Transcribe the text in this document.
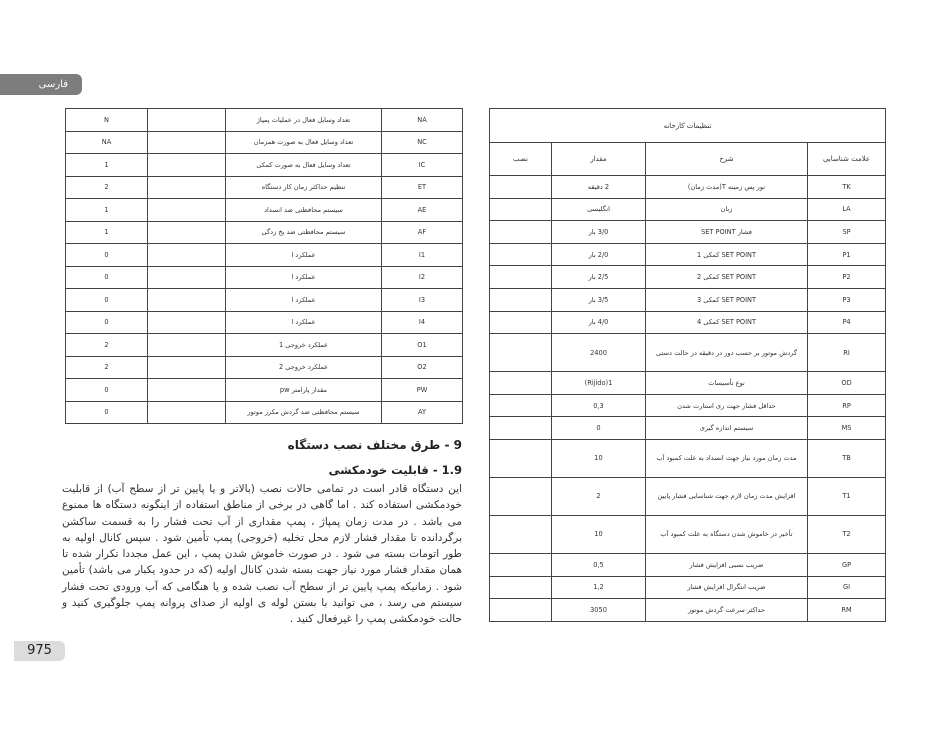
فارسی
N		تعداد وسایل فعال در عملیات پمپاژ	NA
NA		تعداد وسایل فعال به صورت همزمان	NC
1		تعداد وسایل فعال به صورت کمکی	IC
2		تنظیم حداکثر زمان کار دستگاه	ET
1		سیستم محافظتی ضد انسداد	AE
1		سیستم محافظتی ضد یخ زدگی	AF
0		عملکرد ا	I1
0		عملکرد ا	I2
0		عملکرد ا	I3
0		عملکرد ا	I4
2		عملکرد خروجی 1	O1
2		عملکرد خروجی 2	O2
0		مقدار پارامتر pw	PW
0		سیستم محافظتی ضد گردش مکرر موتور	AY
تنظیمات کارخانه			
نصب	مقدار	شرح	علامت شناسایی
	2 دقیقه	نور پس زمینه T(مدت زمان)	TK
	انگلیسی	زبان	LA
	3/0 بار	فشار SET POINT	SP
	2/0 بار	SET POINT کمکی 1	P1
	2/5 بار	SET POINT کمکی 2	P2
	3/5 بار	SET POINT کمکی 3	P3
	4/0 بار	SET POINT کمکی 4	P4
	2400	گردش موتور بر حسب دور در دقیقه در حالت دستی	RI
	1(Rijido)	نوع تأسیسات	OD
	0,3	حداقل فشار جهت ری استارت شدن	RP
	0	سیستم اندازه گیری	MS
	10	مدت زمان مورد نیاز جهت انسداد به علت کمبود آب	TB
	2	افزایش مدت زمان لازم جهت شناسایی فشار پایین	T1
	10	تأخیر در خاموش شدن دستگاه به علت کمبود آب	T2
	0,5	ضریب نسبی افزایش فشار	GP
	1,2	ضریب انتگرال افزایش فشار	GI
	3050	حداکثر سرعت گردش موتور	RM
9 - طرق مختلف نصب دستگاه
1.9 - قابلیت خودمکشی
این دستگاه قادر است در تمامی حالات نصب (بالاتر و یا پایین تر از سطح آب) از قابلیت خودمکشی استفاده کند . اما گاهی در برخی از مناطق استفاده از اینگونه دستگاه ها ممنوع می باشد . در مدت زمان پمپاژ ، پمپ مقداری از آب تحت فشار را به قسمت ساکشن برگردانده تا مقدار فشار لازم محل تخلیه (خروجی) پمپ تأمین شود . سپس کانال اولیه به طور اتومات بسته می شود . در صورت خاموش شدن پمپ ، این عمل مجددا تکرار شده تا همان مقدار فشار مورد نیاز جهت بسته شدن کانال اولیه (که در حدود یکبار می باشد) تأمین شود . زمانیکه پمپ پایین تر از سطح آب نصب شده و یا هنگامی که آب ورودی تحت فشار سیستم می رسد ، می توانید با بستن لوله ی اولیه از صدای پروانه پمپ جلوگیری کنید و حالت خودمکشی پمپ را غیرفعال کنید .
975
